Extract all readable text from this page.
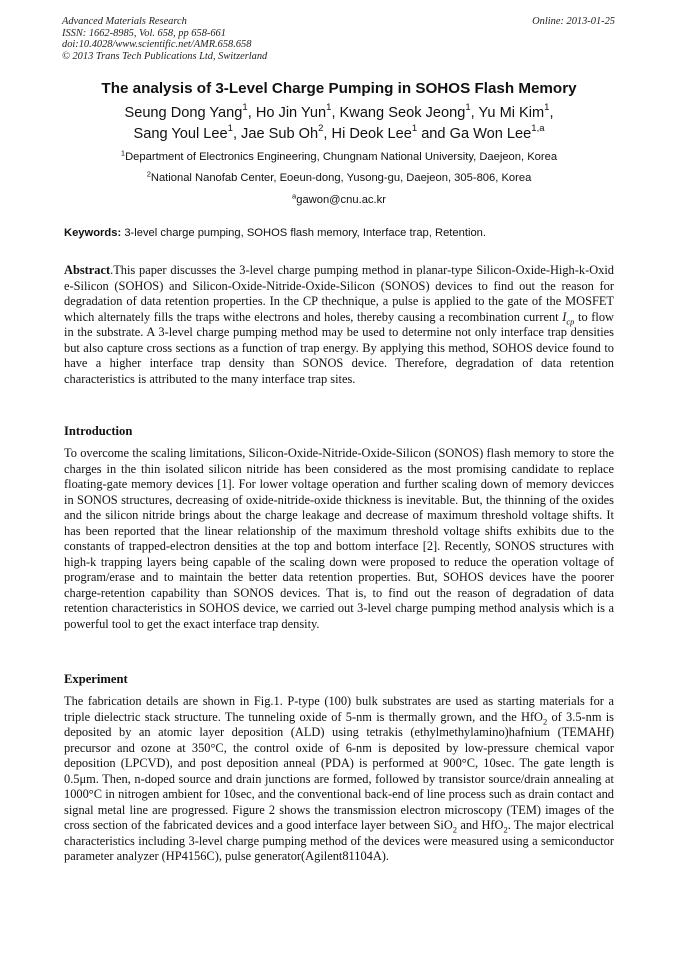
Advanced Materials Research
ISSN: 1662-8985, Vol. 658, pp 658-661
doi:10.4028/www.scientific.net/AMR.658.658
© 2013 Trans Tech Publications Ltd, Switzerland
Online: 2013-01-25
The analysis of 3-Level Charge Pumping in SOHOS Flash Memory
Seung Dong Yang$^1$, Ho Jin Yun$^1$, Kwang Seok Jeong$^1$, Yu Mi Kim$^1$,
Sang Youl Lee$^1$, Jae Sub Oh$^2$, Hi Deok Lee$^1$ and Ga Won Lee$^{1,a}$
$^1$Department of Electronics Engineering, Chungnam National University, Daejeon, Korea
$^2$National Nanofab Center, Eoeun-dong, Yusong-gu, Daejeon, 305-806, Korea
$^a$gawon@cnu.ac.kr
Keywords: 3-level charge pumping, SOHOS flash memory, Interface trap, Retention.
Abstract.This paper discusses the 3-level charge pumping method in planar-type Silicon-Oxide-High-k-Oxid e-Silicon (SOHOS) and Silicon-Oxide-Nitride-Oxide-Silicon (SONOS) devices to find out the reason for degradation of data retention properties. In the CP thechnique, a pulse is applied to the gate of the MOSFET which alternately fills the traps withe electrons and holes, thereby causing a recombination current $I_{cp}$ to flow in the substrate. A 3-level charge pumping method may be used to determine not only interface trap densities but also capture cross sections as a function of trap energy. By applying this method, SOHOS device found to have a higher interface trap density than SONOS device. Therefore, degradation of data retention characteristics is attributed to the many interface trap sites.
Introduction
To overcome the scaling limitations, Silicon-Oxide-Nitride-Oxide-Silicon (SONOS) flash memory to store the charges in the thin isolated silicon nitride has been considered as the most promising candidate to replace floating-gate memory devices [1]. For lower voltage operation and further scaling down of memory devicces in SONOS structures, decreasing of oxide-nitride-oxide thickness is inevitable. But, the thinning of the oxides and the silicon nitride brings about the charge leakage and decrease of maximum threshold voltage shifts. It has been reported that the linear relationship of the maximum threshold voltage shifts exhibits due to the constants of trapped-electron densities at the top and bottom interface [2]. Recently, SONOS structures with high-k trapping layers being capable of the scaling down were proposed to reduce the operation voltage of program/erase and to maintain the better data retention properties. But, SOHOS devices have the poorer charge-retention capability than SONOS devices. That is, to find out the reason of degradation of data retention characteristics in SOHOS device, we carried out 3-level charge pumping method analysis which is a powerful tool to get the exact interface trap density.
Experiment
The fabrication details are shown in Fig.1. P-type (100) bulk substrates are used as starting materials for a triple dielectric stack structure. The tunneling oxide of 5-nm is thermally grown, and the HfO$_2$ of 3.5-nm is deposited by an atomic layer deposition (ALD) using tetrakis (ethylmethylamino)hafnium (TEMAHf) precursor and ozone at 350°C, the control oxide of 6-nm is deposited by low-pressure chemical vapor deposition (LPCVD), and post deposition anneal (PDA) is performed at 900°C, 10sec. The gate length is 0.5μm. Then, n-doped source and drain junctions are formed, followed by transistor source/drain annealing at 1000°C in nitrogen ambient for 10sec, and the conventional back-end of line process such as drain contact and signal metal line are progressed. Figure 2 shows the transmission electron microscopy (TEM) images of the cross section of the fabricated devices and a good interface layer between SiO$_2$ and HfO$_2$. The major electrical characteristics including 3-level charge pumping method of the devices were measured using a semiconductor parameter analyzer (HP4156C), pulse generator(Agilent81104A).
